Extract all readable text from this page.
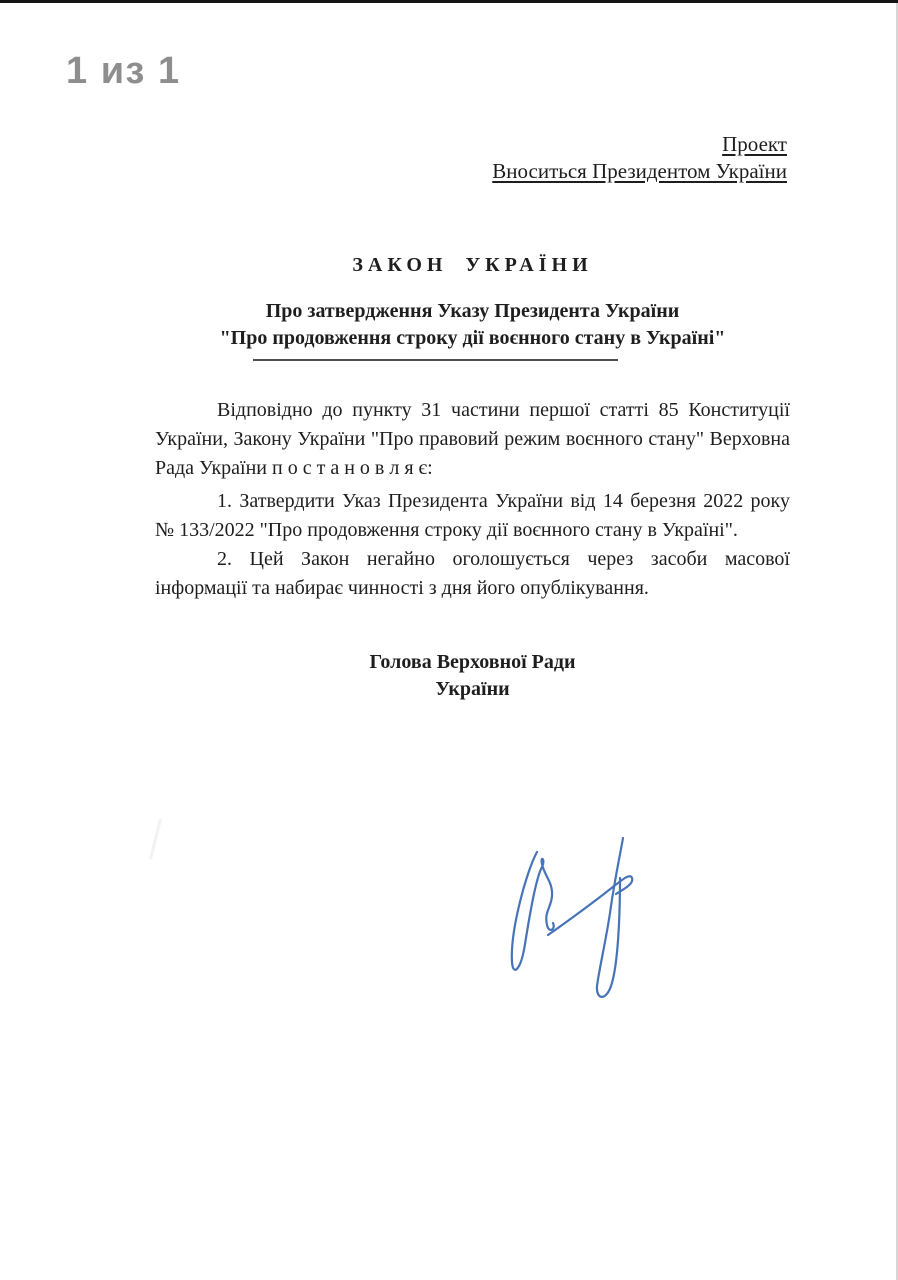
1 из 1
Проект
Вноситься Президентом України
ЗАКОН УКРАЇНИ
Про затвердження Указу Президента України
"Про продовження строку дії воєнного стану в Україні"

Відповідно до пункту 31 частини першої статті 85 Конституції України, Закону України "Про правовий режим воєнного стану" Верховна Рада України п о с т а н о в л я є:

1. Затвердити Указ Президента України від 14 березня 2022 року № 133/2022 "Про продовження строку дії воєнного стану в Україні".

2. Цей Закон негайно оголошується через засоби масової інформації та набирає чинності з дня його опублікування.

Голова Верховної Ради
України
